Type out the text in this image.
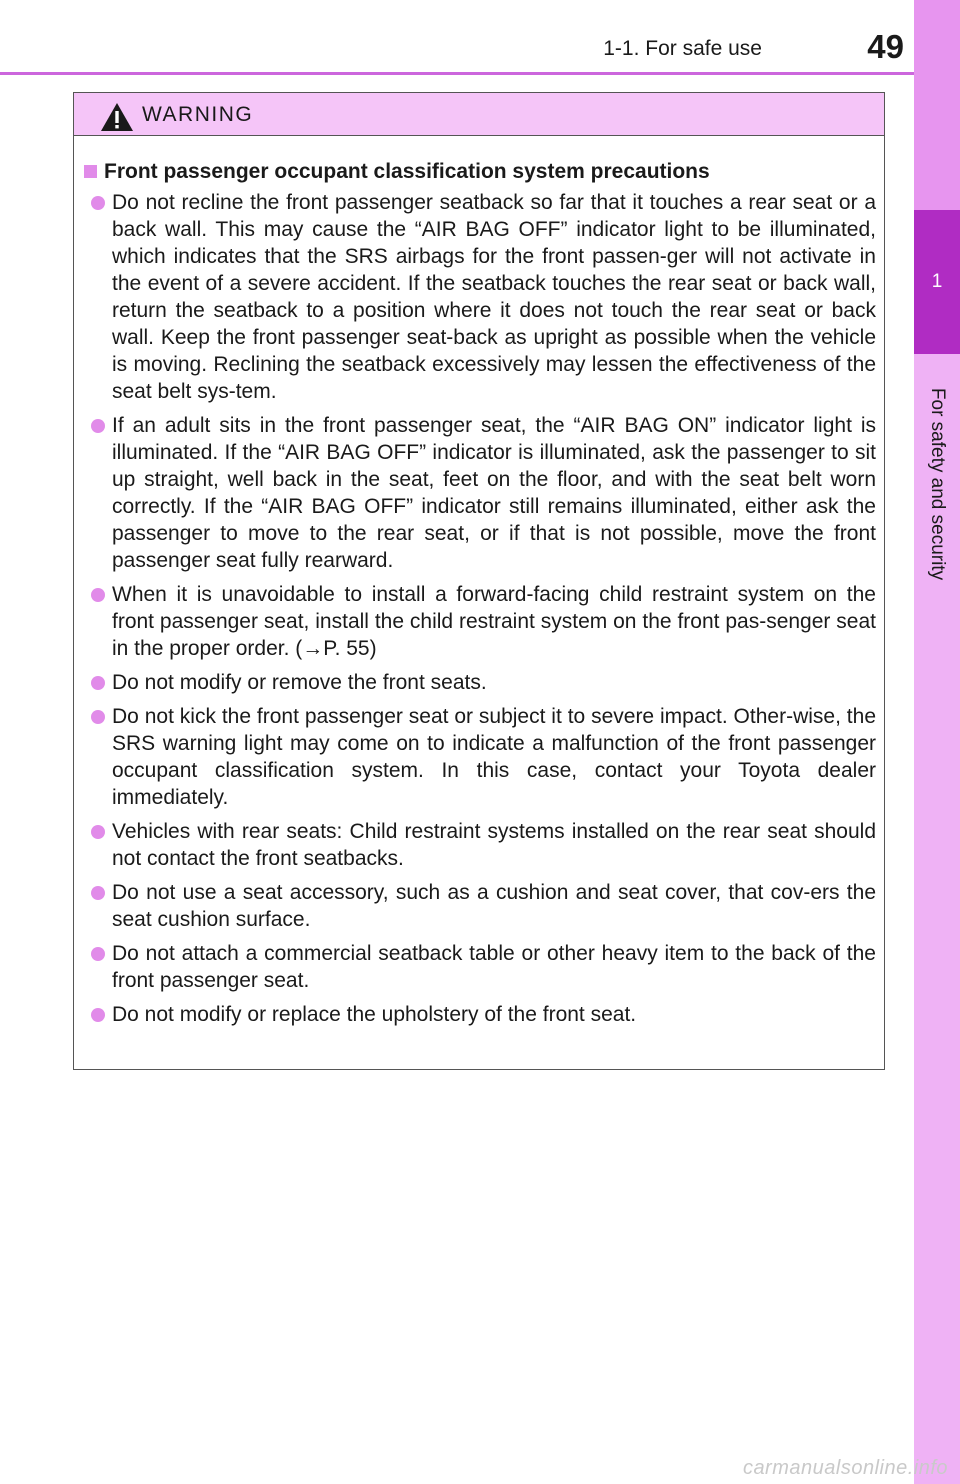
1-1. For safe use	49
1
For safety and security
WARNING
Front passenger occupant classification system precautions
Do not recline the front passenger seatback so far that it touches a rear seat or a back wall. This may cause the “AIR BAG OFF” indicator light to be illuminated, which indicates that the SRS airbags for the front passen-ger will not activate in the event of a severe accident. If the seatback touches the rear seat or back wall, return the seatback to a position where it does not touch the rear seat or back wall. Keep the front passenger seat-back as upright as possible when the vehicle is moving. Reclining the seatback excessively may lessen the effectiveness of the seat belt sys-tem.
If an adult sits in the front passenger seat, the “AIR BAG ON” indicator light is illuminated. If the “AIR BAG OFF” indicator is illuminated, ask the passenger to sit up straight, well back in the seat, feet on the floor, and with the seat belt worn correctly. If the “AIR BAG OFF” indicator still remains illuminated, either ask the passenger to move to the rear seat, or if that is not possible, move the front passenger seat fully rearward.
When it is unavoidable to install a forward-facing child restraint system on the front passenger seat, install the child restraint system on the front pas-senger seat in the proper order. (→P. 55)
Do not modify or remove the front seats.
Do not kick the front passenger seat or subject it to severe impact. Other-wise, the SRS warning light may come on to indicate a malfunction of the front passenger occupant classification system. In this case, contact your Toyota dealer immediately.
Vehicles with rear seats: Child restraint systems installed on the rear seat should not contact the front seatbacks.
Do not use a seat accessory, such as a cushion and seat cover, that cov-ers the seat cushion surface.
Do not attach a commercial seatback table or other heavy item to the back of the front passenger seat.
Do not modify or replace the upholstery of the front seat.
carmanualsonline.info
